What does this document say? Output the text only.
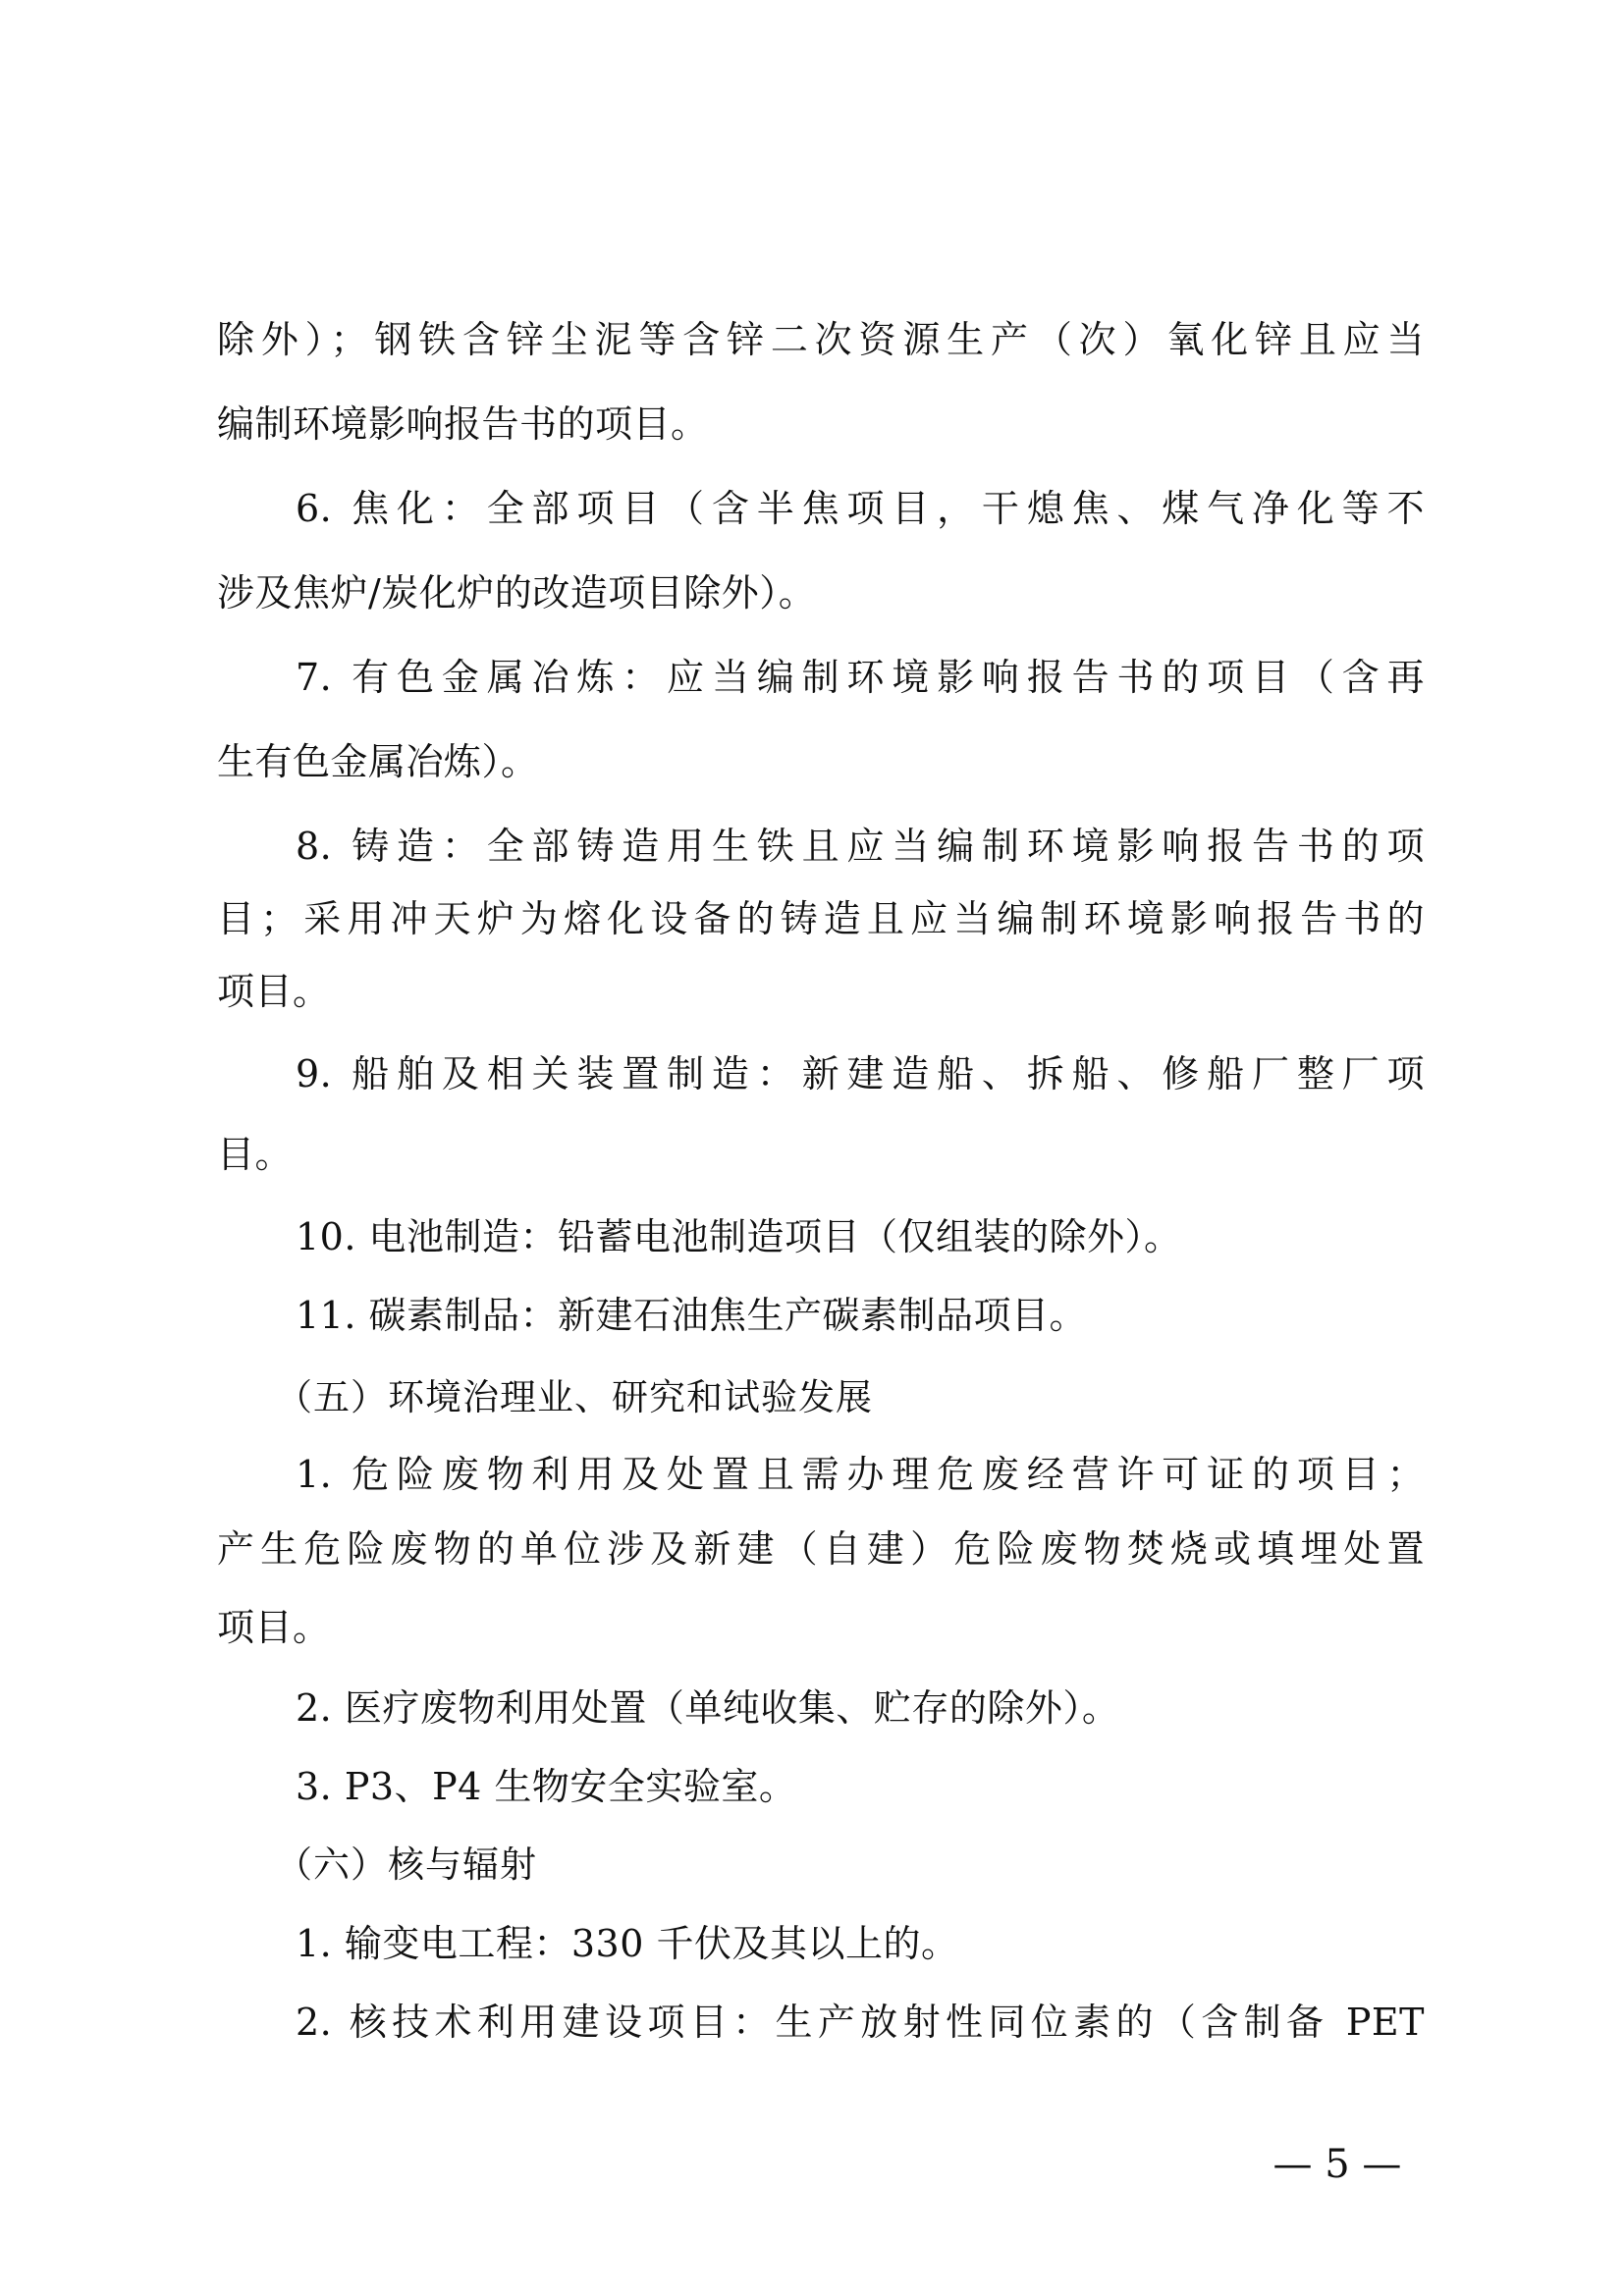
除外）；钢铁含锌尘泥等含锌二次资源生产（次）氧化锌且应当
编制环境影响报告书的项目。
6. 焦化：全部项目（含半焦项目，干熄焦、煤气净化等不
涉及焦炉/炭化炉的改造项目除外）。
7. 有色金属冶炼：应当编制环境影响报告书的项目（含再
生有色金属冶炼）。
8. 铸造：全部铸造用生铁且应当编制环境影响报告书的项
目；采用冲天炉为熔化设备的铸造且应当编制环境影响报告书的
项目。
9. 船舶及相关装置制造：新建造船、拆船、修船厂整厂项
目。
10. 电池制造：铅蓄电池制造项目（仅组装的除外）。
11. 碳素制品：新建石油焦生产碳素制品项目。
（五）环境治理业、研究和试验发展
1. 危险废物利用及处置且需办理危废经营许可证的项目；
产生危险废物的单位涉及新建（自建）危险废物焚烧或填埋处置
项目。
2. 医疗废物利用处置（单纯收集、贮存的除外）。
3. P3、P4 生物安全实验室。
（六）核与辐射
1. 输变电工程：330 千伏及其以上的。
2. 核技术利用建设项目：生产放射性同位素的（含制备 PET
— 5 —
